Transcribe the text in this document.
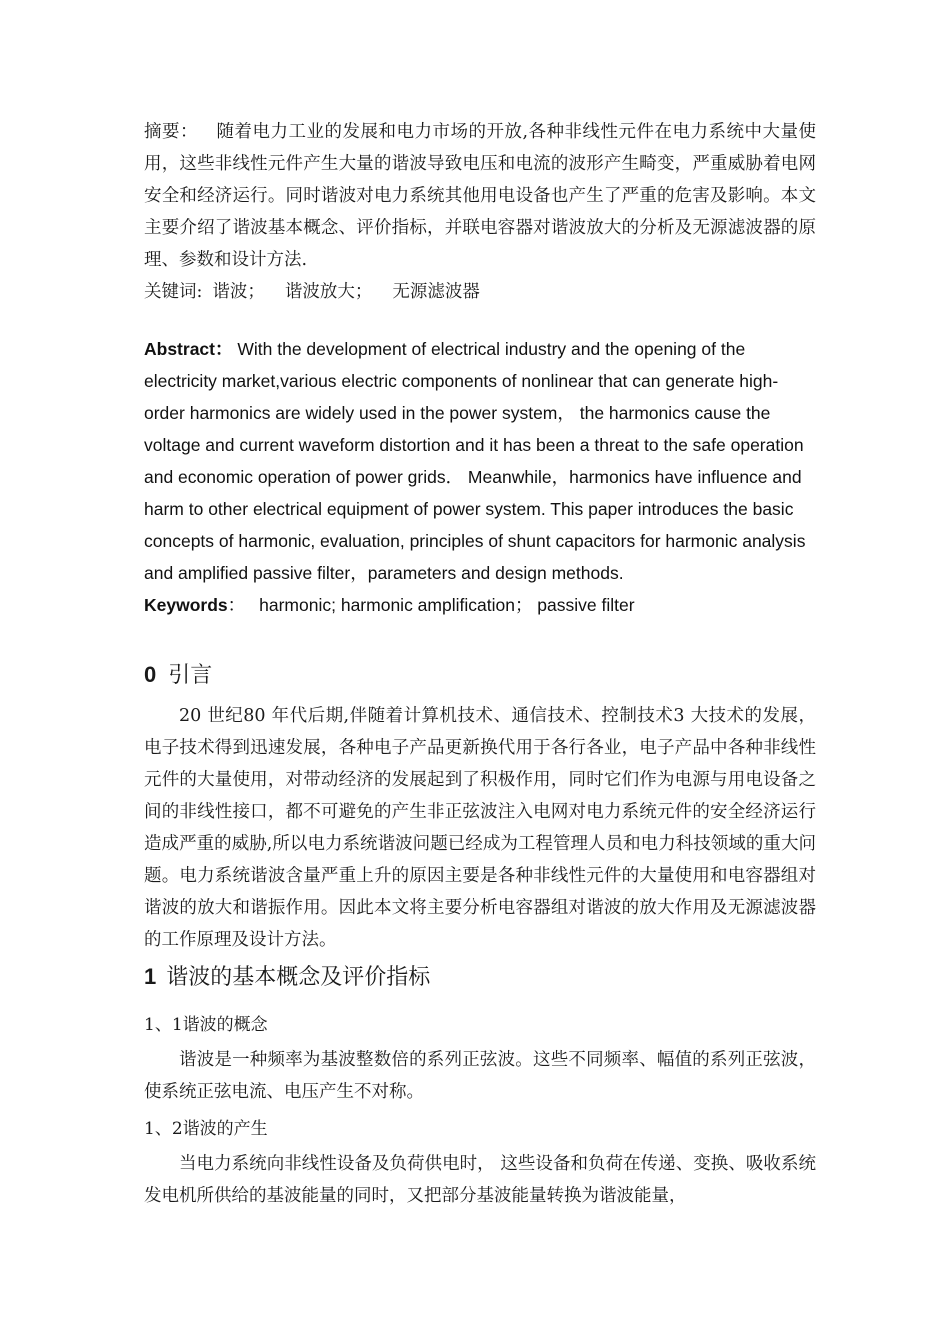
摘要： 随着电力工业的发展和电力市场的开放,各种非线性元件在电力系统中大量使用，这些非线性元件产生大量的谐波导致电压和电流的波形产生畸变，严重威胁着电网安全和经济运行。同时谐波对电力系统其他用电设备也产生了严重的危害及影响。本文主要介绍了谐波基本概念、评价指标，并联电容器对谐波放大的分析及无源滤波器的原理、参数和设计方法.

关键词: 谐波； 谐波放大； 无源滤波器

Abstract： With the development of electrical industry and the opening of the electricity market,various electric components of nonlinear that can generate high-order harmonics are widely used in the power system， the harmonics cause the voltage and current waveform distortion and it has been a threat to the safe operation and economic operation of power grids． Meanwhile，harmonics have influence and harm to other electrical equipment of power system. This paper introduces the basic concepts of harmonic, evaluation, principles of shunt capacitors for harmonic analysis and amplified passive filter，parameters and design methods.

Keywords： harmonic; harmonic amplification； passive filter

0 引言

20 世纪80 年代后期,伴随着计算机技术、通信技术、控制技术3 大技术的发展，电子技术得到迅速发展，各种电子产品更新换代用于各行各业，电子产品中各种非线性元件的大量使用，对带动经济的发展起到了积极作用，同时它们作为电源与用电设备之间的非线性接口，都不可避免的产生非正弦波注入电网对电力系统元件的安全经济运行造成严重的威胁,所以电力系统谐波问题已经成为工程管理人员和电力科技领域的重大问题。电力系统谐波含量严重上升的原因主要是各种非线性元件的大量使用和电容器组对谐波的放大和谐振作用。因此本文将主要分析电容器组对谐波的放大作用及无源滤波器的工作原理及设计方法。

1 谐波的基本概念及评价指标

1、1谐波的概念

谐波是一种频率为基波整数倍的系列正弦波。这些不同频率、幅值的系列正弦波， 使系统正弦电流、电压产生不对称。

1、2谐波的产生

当电力系统向非线性设备及负荷供电时， 这些设备和负荷在传递、变换、吸收系统发电机所供给的基波能量的同时，又把部分基波能量转换为谐波能量，
